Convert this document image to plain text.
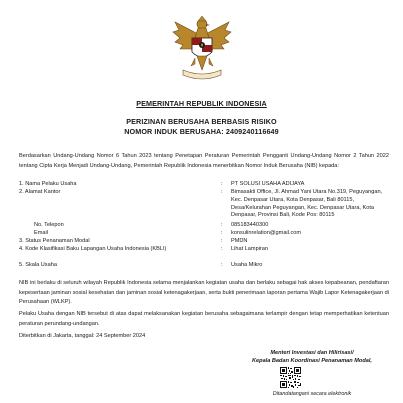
PEMERINTAH REPUBLIK INDONESIA
PERIZINAN BERUSAHA BERBASIS RISIKO
NOMOR INDUK BERUSAHA: 2409240116649
Berdasarkan Undang-Undang Nomor 6 Tahun 2023 tentang Penetapan Peraturan Pemerintah Pengganti Undang-Undang Nomor 2 Tahun 2022 tentang Cipta Kerja Menjadi Undang-Undang, Pemerintah Republik Indonesia menerbitkan Nomor Induk Berusaha (NIB) kepada:
1. Nama Pelaku Usaha	: PT SOLUSI USAHA ADIJAYA
2. Alamat Kantor	: Bimasakti Office, Jl. Ahmad Yani Utara No.319, Peguyangan, Kec. Denpasar Utara, Kota Denpasar, Bali 80115, Desa/Kelurahan Peguyangan, Kec. Denpasar Utara, Kota Denpasar, Provinsi Bali, Kode Pos: 80115
No. Telepon	: 085183440300
Email	: konsulinrelation@gmail.com
3. Status Penanaman Modal	: PMDN
4. Kode Klasifikasi Baku Lapangan Usaha Indonesia (KBLI)	: Lihat Lampiran
5. Skala Usaha	: Usaha Mikro
NIB ini berlaku di seluruh wilayah Republik Indonesia selama menjalankan kegiatan usaha dan berlaku sebagai hak akses kepabeanan, pendaftaran kepesertaan jaminan sosial kesehatan dan jaminan sosial ketenagakerjaan, serta bukti penerimaan laporan pertama Wajib Lapor Ketenagakerjaan di Perusahaan (WLKP).
Pelaku Usaha dengan NIB tersebut di atas dapat melaksanakan kegiatan berusaha sebagaimana terlampir dengan tetap memperhatikan ketentuan peraturan perundang-undangan.
Diterbitkan di Jakarta, tanggal: 24 September 2024
Menteri Investasi dan Hilirisasi/
Kepala Badan Koordinasi Penanaman Modal,
Ditandatangani secara elektronik
